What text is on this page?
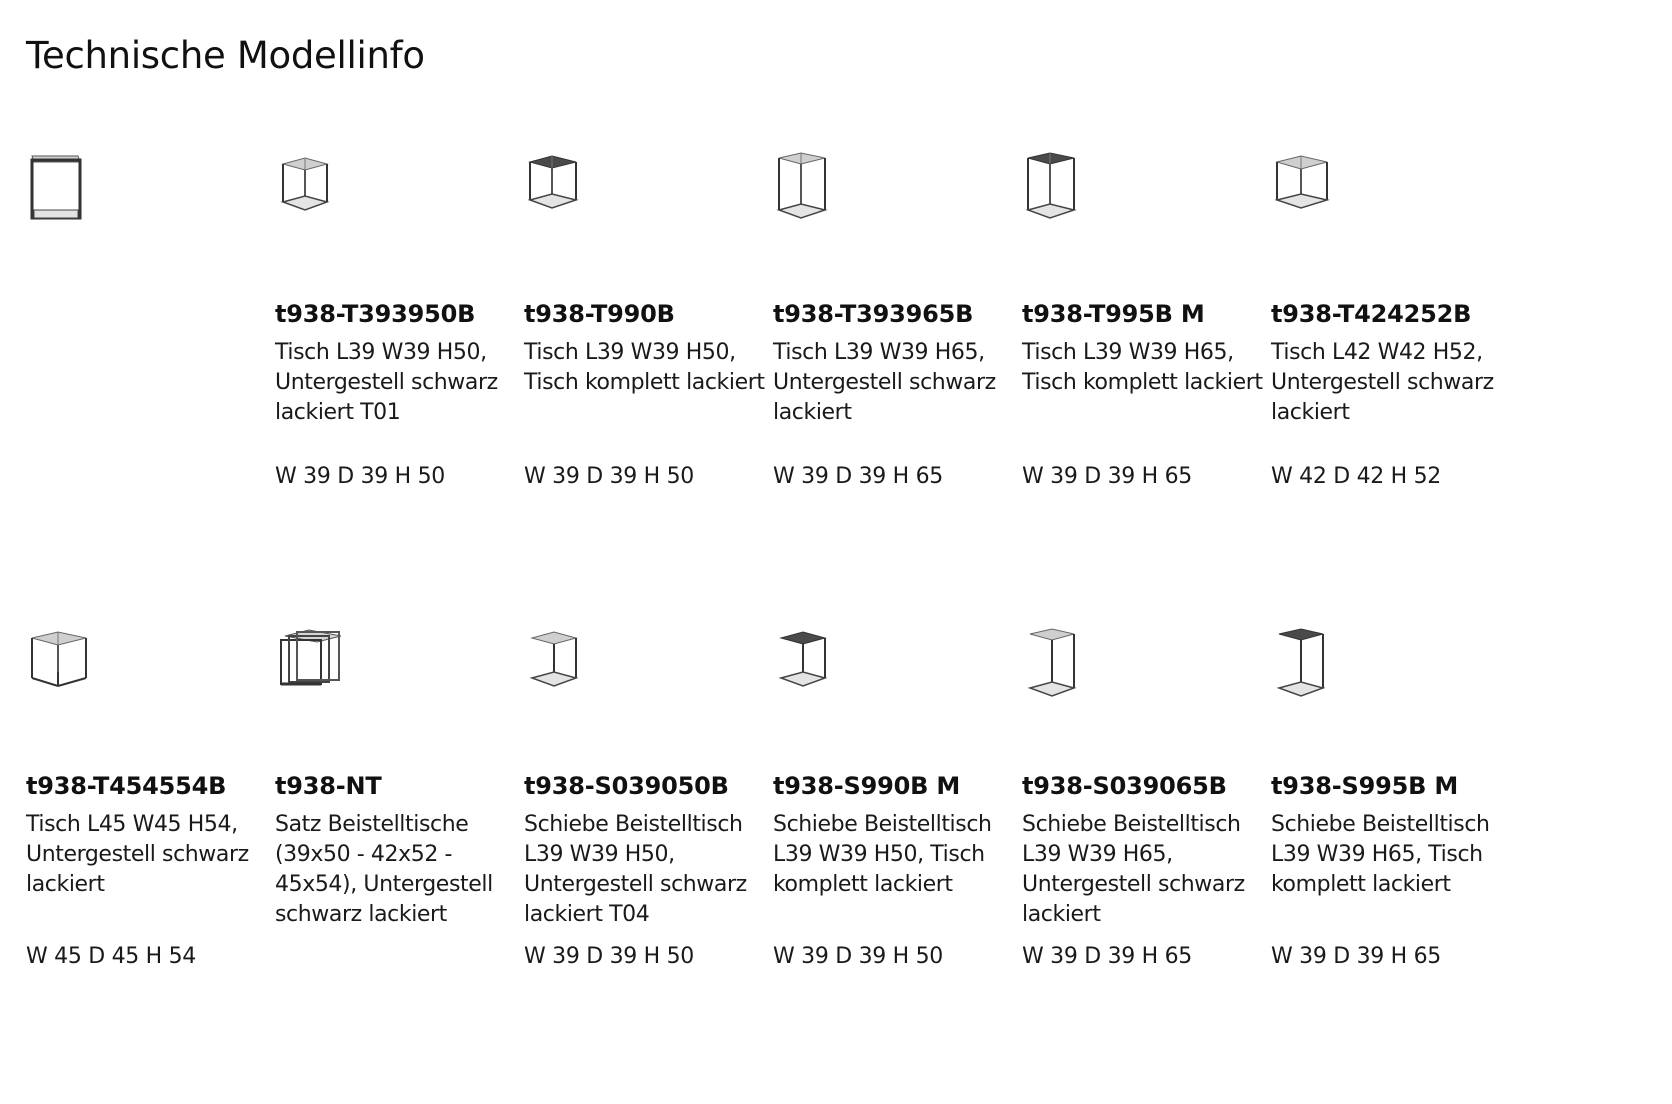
Technische Modellinfo
t938-T393950B
Tisch L39 W39 H50, Untergestell schwarz lackiert T01
W 39 D 39 H 50
t938-T990B
Tisch L39 W39 H50, Tisch komplett lackiert
W 39 D 39 H 50
t938-T393965B
Tisch L39 W39 H65, Untergestell schwarz lackiert
W 39 D 39 H 65
t938-T995B M
Tisch L39 W39 H65, Tisch komplett lackiert
W 39 D 39 H 65
t938-T424252B
Tisch L42 W42 H52, Untergestell schwarz lackiert
W 42 D 42 H 52
t938-T454554B
Tisch L45 W45 H54, Untergestell schwarz lackiert
W 45 D 45 H 54
t938-NT
Satz Beistelltische (39x50 - 42x52 - 45x54), Untergestell schwarz lackiert
t938-S039050B
Schiebe Beistelltisch L39 W39 H50, Untergestell schwarz lackiert T04
W 39 D 39 H 50
t938-S990B M
Schiebe Beistelltisch L39 W39 H50, Tisch komplett lackiert
W 39 D 39 H 50
t938-S039065B
Schiebe Beistelltisch L39 W39 H65, Untergestell schwarz lackiert
W 39 D 39 H 65
t938-S995B M
Schiebe Beistelltisch L39 W39 H65, Tisch komplett lackiert
W 39 D 39 H 65
